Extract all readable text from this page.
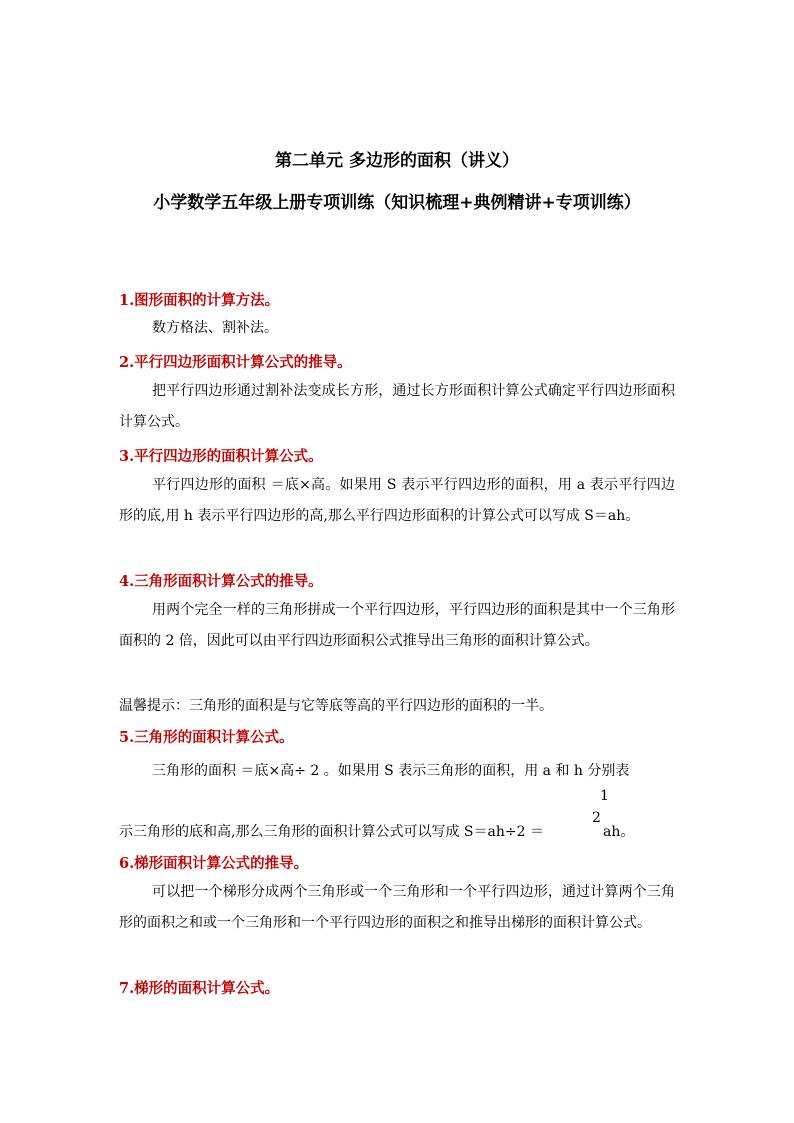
第二单元 多边形的面积（讲义）
小学数学五年级上册专项训练（知识梳理+典例精讲+专项训练）
1.图形面积的计算方法。
数方格法、割补法。
2.平行四边形面积计算公式的推导。
把平行四边形通过割补法变成长方形，通过长方形面积计算公式确定平行四边形面积计算公式。
3.平行四边形的面积计算公式。
平行四边形的面积 ＝底×高。如果用 S 表示平行四边形的面积，用 a 表示平行四边形的底,用 h 表示平行四边形的高,那么平行四边形面积的计算公式可以写成 S＝ah。
4.三角形面积计算公式的推导。
用两个完全一样的三角形拼成一个平行四边形，平行四边形的面积是其中一个三角形面积的 2 倍，因此可以由平行四边形面积公式推导出三角形的面积计算公式。
温馨提示：三角形的面积是与它等底等高的平行四边形的面积的一半。
5.三角形的面积计算公式。
三角形的面积 ＝底×高÷ 2 。如果用 S 表示三角形的面积，用 a 和 h 分别表
示三角形的底和高,那么三角形的面积计算公式可以写成 S＝ah÷2 ＝
1
2
ah。
6.梯形面积计算公式的推导。
可以把一个梯形分成两个三角形或一个三角形和一个平行四边形，通过计算两个三角形的面积之和或一个三角形和一个平行四边形的面积之和推导出梯形的面积计算公式。
7.梯形的面积计算公式。
